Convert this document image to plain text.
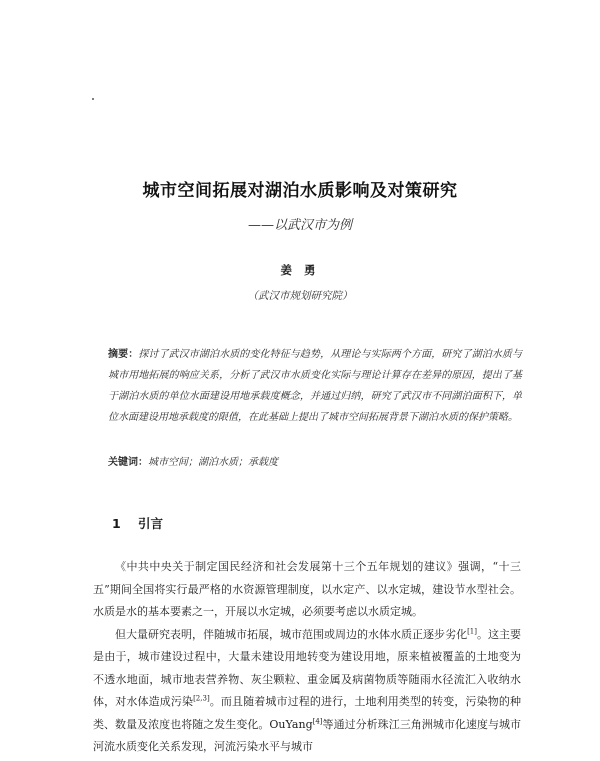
城市空间拓展对湖泊水质影响及对策研究
——以武汉市为例
姜 勇
（武汉市规划研究院）
摘要：探讨了武汉市湖泊水质的变化特征与趋势，从理论与实际两个方面，研究了湖泊水质与城市用地拓展的响应关系，分析了武汉市水质变化实际与理论计算存在差异的原因，提出了基于湖泊水质的单位水面建设用地承载度概念，并通过归纳，研究了武汉市不同湖泊面积下，单位水面建设用地承载度的限值，在此基础上提出了城市空间拓展背景下湖泊水质的保护策略。
关键词：城市空间；湖泊水质；承载度
1 引言

《中共中央关于制定国民经济和社会发展第十三个五年规划的建议》强调，“十三五”期间全国将实行最严格的水资源管理制度，以水定产、以水定城，建设节水型社会。水质是水的基本要素之一，开展以水定城，必须要考虑以水质定城。

但大量研究表明，伴随城市拓展，城市范围或周边的水体水质正逐步劣化[1]。这主要是由于，城市建设过程中，大量未建设用地转变为建设用地，原来植被覆盖的土地变为不透水地面，城市地表营养物、灰尘颗粒、重金属及病菌物质等随雨水径流汇入收纳水体，对水体造成污染[2,3]。而且随着城市过程的进行，土地利用类型的转变，污染物的种类、数量及浓度也将随之发生变化。OuYang[4]等通过分析珠江三角洲城市化速度与城市河流水质变化关系发现，河流污染水平与城市
